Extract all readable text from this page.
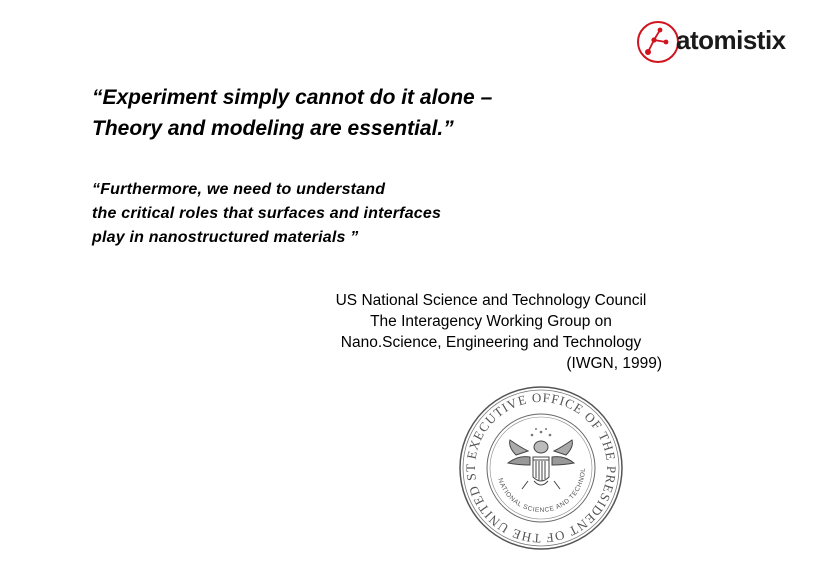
atomistix
“Experiment simply cannot do it alone –
Theory and modeling are essential.”
“Furthermore, we need to understand
the critical roles that surfaces and interfaces
play in nanostructured materials ”
US National Science and Technology Council
The Interagency Working Group on
Nano.Science, Engineering and Technology
(IWGN, 1999)
EXECUTIVE OFFICE OF THE PRESIDENT OF THE UNITED ST
NATIONAL SCIENCE AND TECHNOL
